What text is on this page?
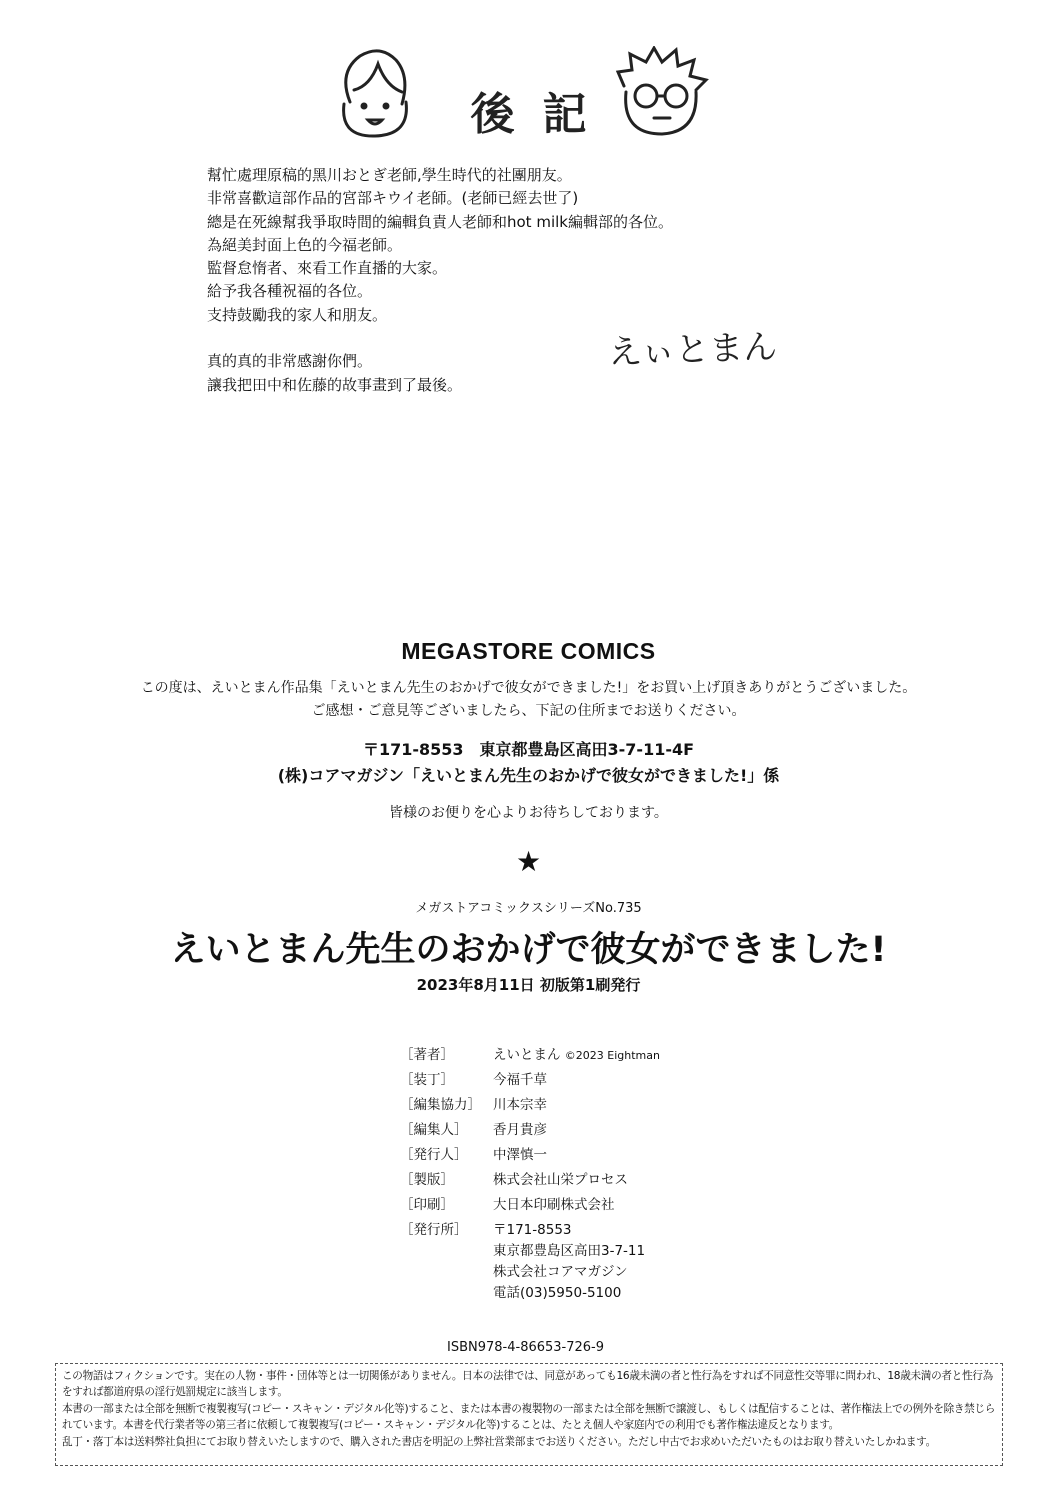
後記
幫忙處理原稿的黑川おとぎ老師,學生時代的社團朋友。
非常喜歡這部作品的宮部キウイ老師。(老師已經去世了)
總是在死線幫我爭取時間的編輯負責人老師和hot milk編輯部的各位。
為絕美封面上色的今福老師。
監督怠惰者、來看工作直播的大家。
給予我各種祝福的各位。
支持鼓勵我的家人和朋友。
真的真的非常感謝你們。
讓我把田中和佐藤的故事畫到了最後。
えぃとまん
MEGASTORE COMICS
この度は、えいとまん作品集「えいとまん先生のおかげで彼女ができました!」をお買い上げ頂きありがとうございました。
ご感想・ご意見等ございましたら、下記の住所までお送りください。
〒171-8553　東京都豊島区高田3-7-11-4F
(株)コアマガジン「えいとまん先生のおかげで彼女ができました!」係
皆様のお便りを心よりお待ちしております。
★
メガストアコミックスシリーズNo.735
えいとまん先生のおかげで彼女ができました!
2023年8月11日 初版第1刷発行
［著者］	えいとまん ©2023 Eightman
［装丁］	今福千草
［編集協力］ 川本宗幸
［編集人］	香月貴彦
［発行人］	中澤慎一
［製版］	株式会社山栄プロセス
［印刷］	大日本印刷株式会社
［発行所］	〒171-8553
東京都豊島区高田3-7-11
株式会社コアマガジン
電話(03)5950-5100
ISBN978-4-86653-726-9
この物語はフィクションです。実在の人物・事件・団体等とは一切関係がありません。日本の法律では、同意があっても16歳未満の者と性行為をすれば不同意性交等罪に問われ、18歳未満の者と性行為をすれば都道府県の淫行処罰規定に該当します。
本書の一部または全部を無断で複製複写(コピー・スキャン・デジタル化等)すること、または本書の複製物の一部または全部を無断で譲渡し、もしくは配信することは、著作権法上での例外を除き禁じられています。本書を代行業者等の第三者に依頼して複製複写(コピー・スキャン・デジタル化等)することは、たとえ個人や家庭内での利用でも著作権法違反となります。
乱丁・落丁本は送料弊社負担にてお取り替えいたしますので、購入された書店を明記の上弊社営業部までお送りください。ただし中古でお求めいただいたものはお取り替えいたしかねます。
